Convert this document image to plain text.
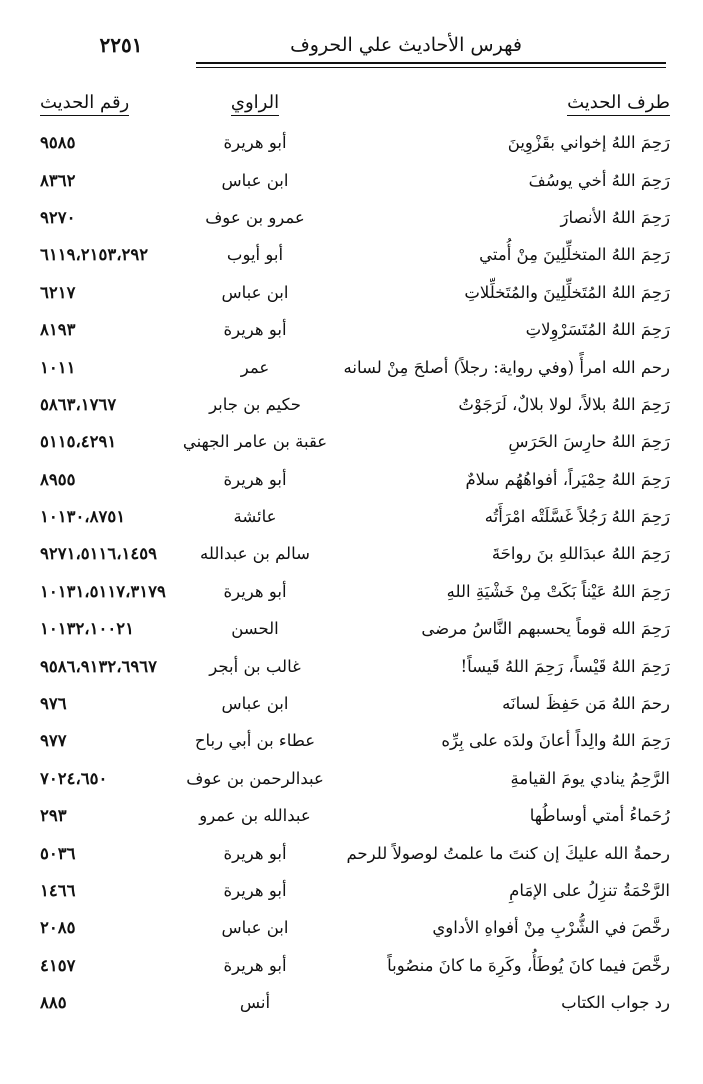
فهرس الأحاديث علي الحروف
٢٢٥١
طرف الحديث	الراوي	رقم الحديث
رَحِمَ اللهُ إخواني بقَزْوِينَ	أبو هريرة	٩٥٨٥
رَحِمَ اللهُ أخي يوسُفَ	ابن عباس	٨٣٦٢
رَحِمَ اللهُ الأنصارَ	عمرو بن عوف	٩٢٧٠
رَحِمَ اللهُ المتخلِّلِينَ مِنْ أُمتي	أبو أيوب	٦١١٩،٢١٥٣،٢٩٢
رَحِمَ اللهُ المُتَخلِّلِينَ والمُتَخلِّلاتِ	ابن عباس	٦٢١٧
رَحِمَ اللهُ المُتَسَرْوِلاتِ	أبو هريرة	٨١٩٣
رحم الله امرأً (وفي رواية: رجلاً) أصلحَ مِنْ لسانه	عمر	١٠١١
رَحِمَ اللهُ بلالاً، لولا بلالٌ، لَرَجَوْتُ	حكيم بن جابر	٥٨٦٣،١٧٦٧
رَحِمَ اللهُ حارِسَ الحَرَسِ	عقبة بن عامر الجهني	٥١١٥،٤٢٩١
رَحِمَ اللهُ حِمْيَراً، أفواهُهُم سلامٌ	أبو هريرة	٨٩٥٥
رَحِمَ اللهُ رَجُلاً غَسَّلَتْه امْرَأَتُه	عائشة	١٠١٣٠،٨٧٥١
رَحِمَ اللهُ عبدَاللهِ بنَ رواحَةَ	سالم بن عبدالله	٩٢٧١،٥١١٦،١٤٥٩
رَحِمَ اللهُ عَيْناً بَكَتْ مِنْ خَشْيَةِ اللهِ	أبو هريرة	١٠١٣١،٥١١٧،٣١٧٩
رَحِمَ الله قوماً يحسبهم النَّاسُ مرضى	الحسن	١٠١٣٢،١٠٠٢١
رَحِمَ اللهُ قَيْساً، رَحِمَ اللهُ قَيساً!	غالب بن أبجر	٩٥٨٦،٩١٣٢،٦٩٦٧
رحمَ اللهُ مَن حَفِظَ لسانَه	ابن عباس	٩٧٦
رَحِمَ اللهُ والِداً أعانَ ولدَه على بِرِّه	عطاء بن أبي رباح	٩٧٧
الرَّحِمُ ينادي يومَ القيامةِ	عبدالرحمن بن عوف	٧٠٢٤،٦٥٠
رُحَماءُ أمتي أوساطُها	عبدالله بن عمرو	٢٩٣
رحمةُ الله عليكَ إن كنتَ ما علمتُ لوصولاً للرحم	أبو هريرة	٥٠٣٦
الرَّحْمَةُ تنزِلُ على الإمَامِ	أبو هريرة	١٤٦٦
رخَّصَ في الشُّرْبِ مِنْ أفواهِ الأداوي	ابن عباس	٢٠٨٥
رخَّصَ فيما كانَ يُوطَأُ، وكَرِهَ ما كانَ منصُوباً	أبو هريرة	٤١٥٧
رد جواب الكتاب	أنس	٨٨٥
